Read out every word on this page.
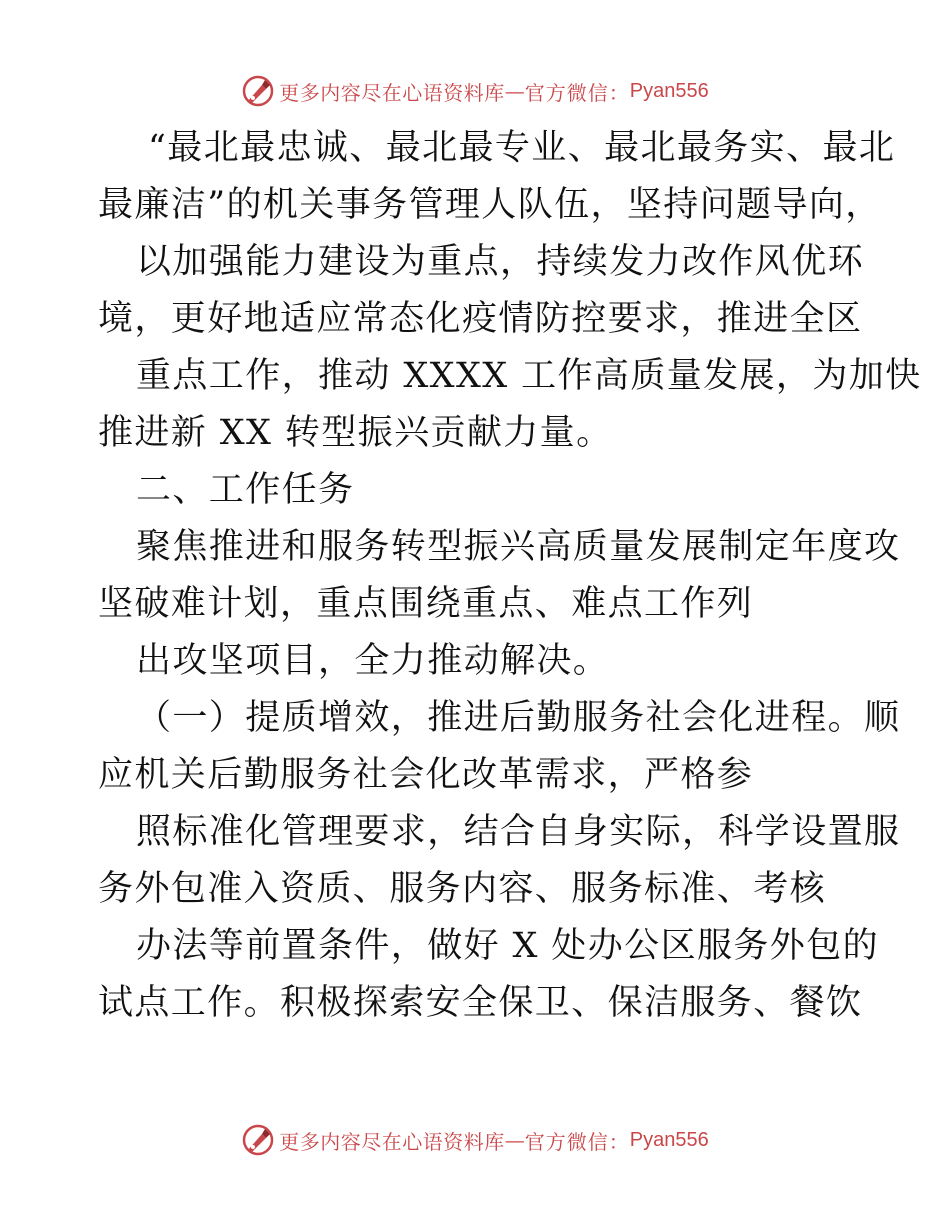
更多内容尽在心语资料库 — 官方微信： Pyan556
“最北最忠诚、最北最专业、最北最务实、最北
最廉洁”的机关事务管理人队伍，坚持问题导向，
以加强能力建设为重点，持续发力改作风优环
境，更好地适应常态化疫情防控要求，推进全区
重点工作，推动 XXXX 工作高质量发展，为加快
推进新 XX 转型振兴贡献力量。
二、工作任务
聚焦推进和服务转型振兴高质量发展制定年度攻
坚破难计划，重点围绕重点、难点工作列
出攻坚项目，全力推动解决。
（一）提质增效，推进后勤服务社会化进程。顺
应机关后勤服务社会化改革需求，严格参
照标准化管理要求，结合自身实际，科学设置服
务外包准入资质、服务内容、服务标准、考核
办法等前置条件，做好 X 处办公区服务外包的
试点工作。积极探索安全保卫、保洁服务、餐饮
更多内容尽在心语资料库 — 官方微信： Pyan556
